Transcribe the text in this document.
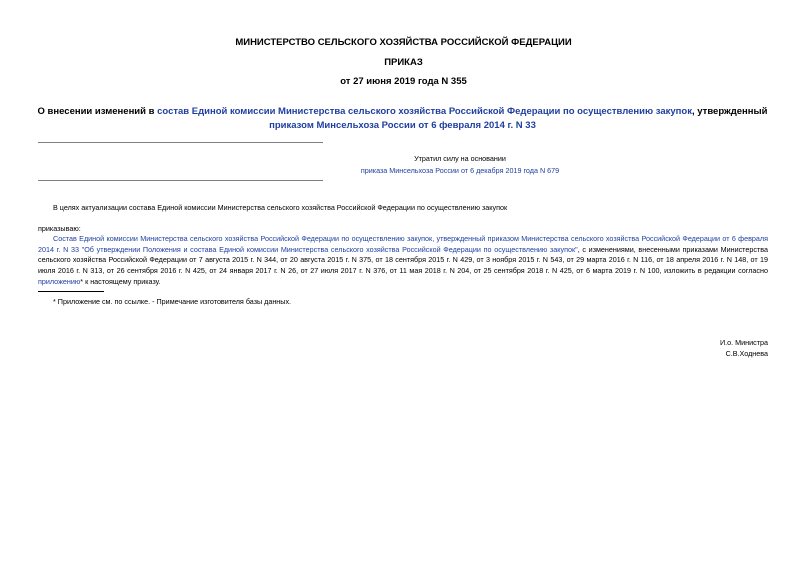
МИНИСТЕРСТВО СЕЛЬСКОГО ХОЗЯЙСТВА РОССИЙСКОЙ ФЕДЕРАЦИИ
ПРИКАЗ
от 27 июня 2019 года N 355
О внесении изменений в состав Единой комиссии Министерства сельского хозяйства Российской Федерации по осуществлению закупок, утвержденный приказом Минсельхоза России от 6 февраля 2014 г. N 33
Утратил силу на основании
приказа Минсельхоза России от 6 декабря 2019 года N 679
В целях актуализации состава Единой комиссии Министерства сельского хозяйства Российской Федерации по осуществлению закупок
приказываю:
Состав Единой комиссии Министерства сельского хозяйства Российской Федерации по осуществлению закупок, утвержденный приказом Министерства сельского хозяйства Российской Федерации от 6 февраля 2014 г. N 33 "Об утверждении Положения и состава Единой комиссии Министерства сельского хозяйства Российской Федерации по осуществлению закупок", с изменениями, внесенными приказами Министерства сельского хозяйства Российской Федерации от 7 августа 2015 г. N 344, от 20 августа 2015 г. N 375, от 18 сентября 2015 г. N 429, от 3 ноября 2015 г. N 543, от 29 марта 2016 г. N 116, от 18 апреля 2016 г. N 148, от 19 июля 2016 г. N 313, от 26 сентября 2016 г. N 425, от 24 января 2017 г. N 26, от 27 июля 2017 г. N 376, от 11 мая 2018 г. N 204, от 25 сентября 2018 г. N 425, от 6 марта 2019 г. N 100, изложить в редакции согласно приложению* к настоящему приказу.
* Приложение см. по ссылке. - Примечание изготовителя базы данных.
И.о. Министра
С.В.Ходнева
